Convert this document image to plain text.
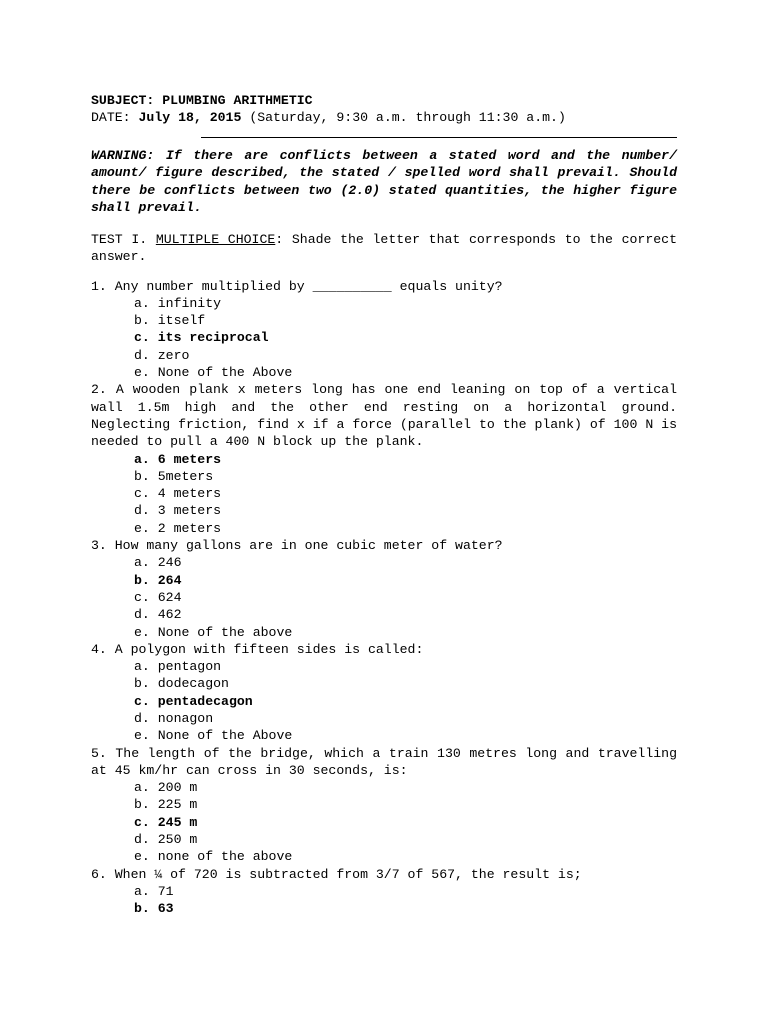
SUBJECT: PLUMBING ARITHMETIC
DATE: July 18, 2015 (Saturday, 9:30 a.m. through 11:30 a.m.)
WARNING: If there are conflicts between a stated word and the number/ amount/ figure described, the stated / spelled word shall prevail. Should there be conflicts between two (2.0) stated quantities, the higher figure shall prevail.
TEST I. MULTIPLE CHOICE: Shade the letter that corresponds to the correct answer.
1. Any number multiplied by __________ equals unity?
a. infinity
b. itself
c. its reciprocal
d. zero
e. None of the Above
2. A wooden plank x meters long has one end leaning on top of a vertical wall 1.5m high and the other end resting on a horizontal ground. Neglecting friction, find x if a force (parallel to the plank) of 100 N is needed to pull a 400 N block up the plank.
a. 6 meters
b. 5meters
c. 4 meters
d. 3 meters
e. 2 meters
3. How many gallons are in one cubic meter of water?
a. 246
b. 264
c. 624
d. 462
e. None of the above
4. A polygon with fifteen sides is called:
a. pentagon
b. dodecagon
c. pentadecagon
d. nonagon
e. None of the Above
5. The length of the bridge, which a train 130 metres long and travelling at 45 km/hr can cross in 30 seconds, is:
a. 200 m
b. 225 m
c. 245 m
d. 250 m
e. none of the above
6. When ¼ of 720 is subtracted from 3/7 of 567, the result is;
a. 71
b. 63
